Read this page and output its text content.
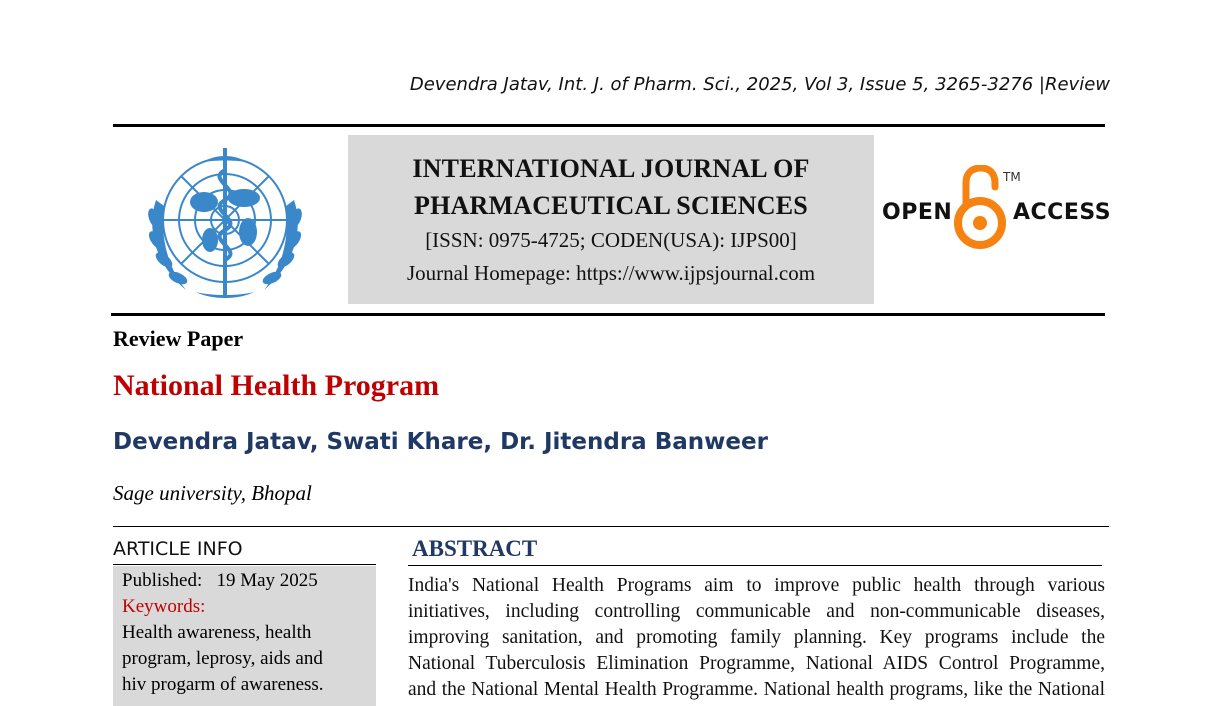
Devendra Jatav, Int. J. of Pharm. Sci., 2025, Vol 3, Issue 5, 3265-3276 |Review
INTERNATIONAL JOURNAL OF
PHARMACEUTICAL SCIENCES
[ISSN: 0975-4725; CODEN(USA): IJPS00]
Journal Homepage: https://www.ijpsjournal.com
OPEN
TM
ACCESS
Review Paper
National Health Program
Devendra Jatav, Swati Khare, Dr. Jitendra Banweer
Sage university, Bhopal
ARTICLE INFO
Published: 19 May 2025
Keywords:
Health awareness, health
program, leprosy, aids and
hiv progarm of awareness.
ABSTRACT
India's National Health Programs aim to improve public health through various
initiatives, including controlling communicable and non-communicable diseases,
improving sanitation, and promoting family planning. Key programs include the
National Tuberculosis Elimination Programme, National AIDS Control Programme,
and the National Mental Health Programme. National health programs, like the National
